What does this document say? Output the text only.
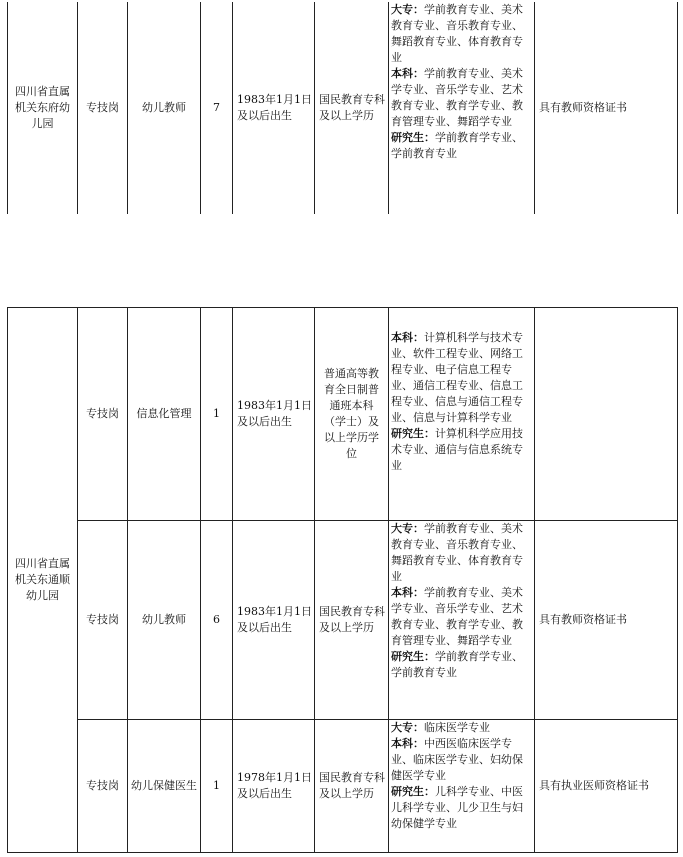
四川省直属机关东府幼儿园	专技岗	幼儿教师	7	1983年1月1日及以后出生	国民教育专科及以上学历	
大专：学前教育专业、美术教育专业、音乐教育专业、舞蹈教育专业、体育教育专业
本科：学前教育专业、美术学专业、音乐学专业、艺术教育专业、教育学专业、教育管理专业、舞蹈学专业
研究生：学前教育学专业、学前教育专业
	具有教师资格证书
四川省直属机关东通顺幼儿园	专技岗	信息化管理	1	1983年1月1日及以后出生	普通高等教育全日制普通班本科（学士）及以上学历学位	本科：计算机科学与技术专业、软件工程专业、网络工程专业、电子信息工程专业、通信工程专业、信息工程专业、信息与通信工程专业、信息与计算科学专业
研究生：计算机科学应用技术专业、通信与信息系统专业	

	专技岗	幼儿教师	6	1983年1月1日及以后出生	国民教育专科及以上学历	大专：学前教育专业、美术教育专业、音乐教育专业、舞蹈教育专业、体育教育专业
本科：学前教育专业、美术学专业、音乐学专业、艺术教育专业、教育学专业、教育管理专业、舞蹈学专业
研究生：学前教育学专业、学前教育专业	具有教师资格证书
	专技岗	幼儿保健医生	1	1978年1月1日及以后出生	国民教育专科及以上学历	大专：临床医学专业
本科：中西医临床医学专业、临床医学专业、妇幼保健医学专业
研究生：儿科学专业、中医儿科学专业、儿少卫生与妇幼保健学专业	具有执业医师资格证书
